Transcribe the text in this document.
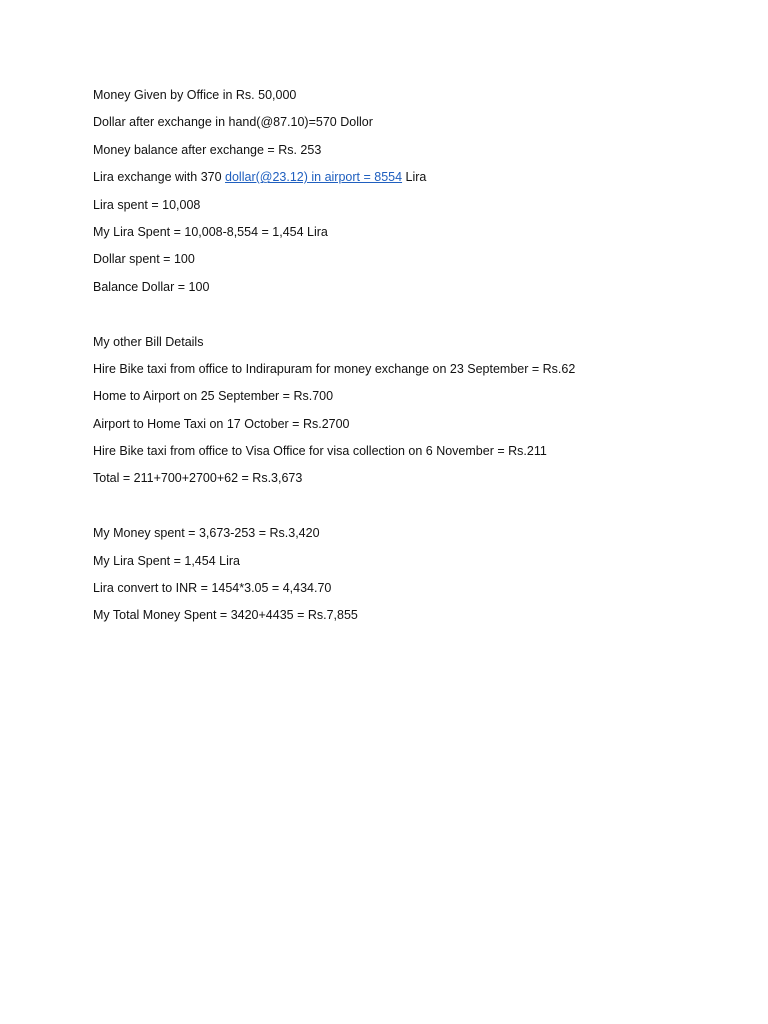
Money Given by Office in Rs. 50,000
Dollar after exchange in hand(@87.10)=570 Dollor
Money balance after exchange = Rs. 253
Lira exchange with 370 dollar(@23.12) in airport = 8554 Lira
Lira spent = 10,008
My Lira Spent = 10,008-8,554 = 1,454 Lira
Dollar spent = 100
Balance Dollar = 100
My other Bill Details
Hire Bike taxi from office to Indirapuram for money exchange on 23 September = Rs.62
Home to Airport on 25 September = Rs.700
Airport to Home Taxi on 17 October = Rs.2700
Hire Bike taxi from office to Visa Office for visa collection on 6 November = Rs.211
Total = 211+700+2700+62 = Rs.3,673
My Money spent = 3,673-253 = Rs.3,420
My Lira Spent = 1,454 Lira
Lira convert to INR = 1454*3.05 = 4,434.70
My Total Money Spent = 3420+4435 = Rs.7,855
